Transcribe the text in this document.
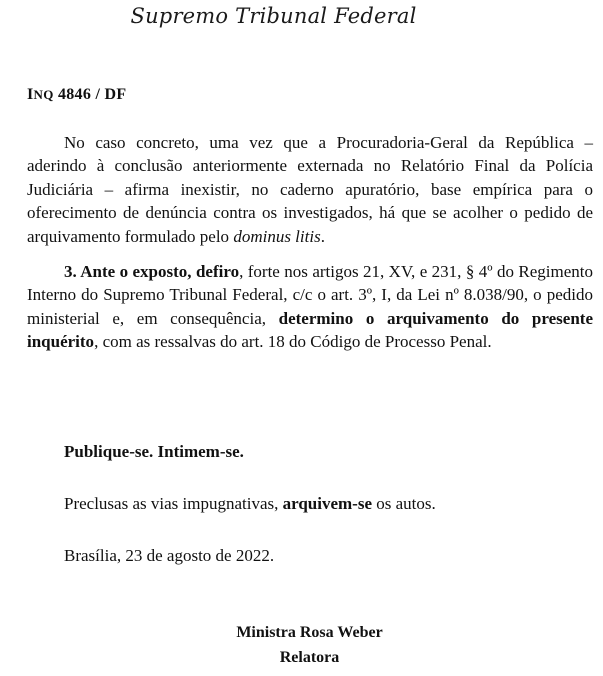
Supremo Tribunal Federal
INQ 4846 / DF

No caso concreto, uma vez que a Procuradoria-Geral da República – aderindo à conclusão anteriormente externada no Relatório Final da Polícia Judiciária – afirma inexistir, no caderno apuratório, base empírica para o oferecimento de denúncia contra os investigados, há que se acolher o pedido de arquivamento formulado pelo dominus litis.

3. Ante o exposto, defiro, forte nos artigos 21, XV, e 231, § 4º do Regimento Interno do Supremo Tribunal Federal, c/c o art. 3º, I, da Lei nº 8.038/90, o pedido ministerial e, em consequência, determino o arquivamento do presente inquérito, com as ressalvas do art. 18 do Código de Processo Penal.

Publique-se. Intimem-se.

Preclusas as vias impugnativas, arquivem-se os autos.

Brasília, 23 de agosto de 2022.

Ministra Rosa Weber
Relatora
